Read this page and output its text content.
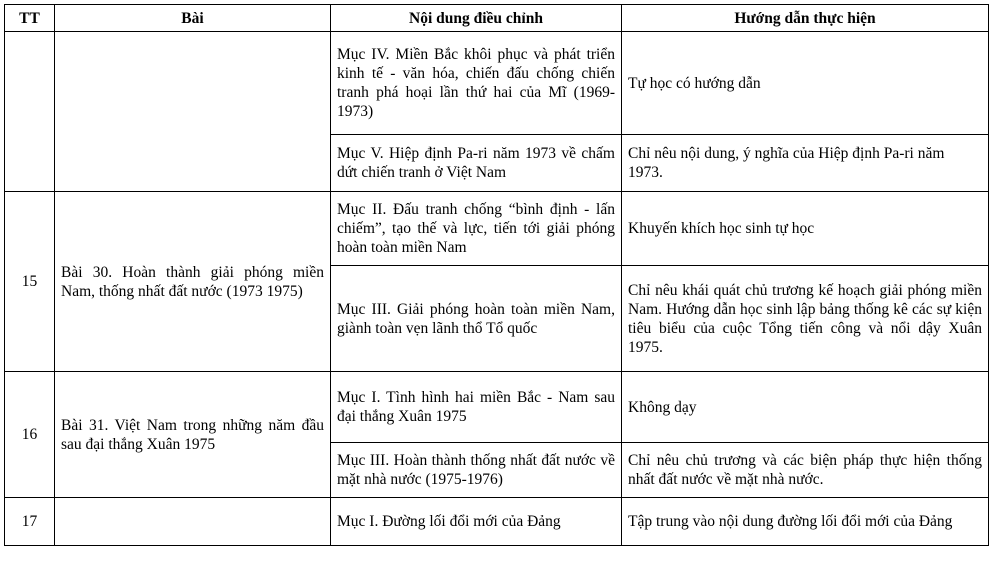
TT	Bài	Nội dung điều chỉnh	Hướng dẫn thực hiện
		Mục IV. Miền Bắc khôi phục và phát triển kinh tế - văn hóa, chiến đấu chống chiến tranh phá hoại lần thứ hai của Mĩ (1969-1973)	Tự học có hướng dẫn
		Mục V. Hiệp định Pa-ri năm 1973 về chấm dứt chiến tranh ở Việt Nam	Chỉ nêu nội dung, ý nghĩa của Hiệp định Pa-ri năm 1973.
15	Bài 30. Hoàn thành giải phóng miền Nam, thống nhất đất nước (1973 1975)	Mục II. Đấu tranh chống “bình định - lấn chiếm”, tạo thế và lực, tiến tới giải phóng hoàn toàn miền Nam	Khuyến khích học sinh tự học
		Mục III. Giải phóng hoàn toàn miền Nam, giành toàn vẹn lãnh thổ Tổ quốc	Chỉ nêu khái quát chủ trương kế hoạch giải phóng miền Nam. Hướng dẫn học sinh lập bảng thống kê các sự kiện tiêu biểu của cuộc Tổng tiến công và nổi dậy Xuân 1975.
16	Bài 31. Việt Nam trong những năm đầu sau đại thắng Xuân 1975	Mục I. Tình hình hai miền Bắc - Nam sau đại thắng Xuân 1975	Không dạy
		Mục III. Hoàn thành thống nhất đất nước về mặt nhà nước (1975-1976)	Chỉ nêu chủ trương và các biện pháp thực hiện thống nhất đất nước về mặt nhà nước.
17		Mục I. Đường lối đổi mới của Đảng	Tập trung vào nội dung đường lối đổi mới của Đảng
